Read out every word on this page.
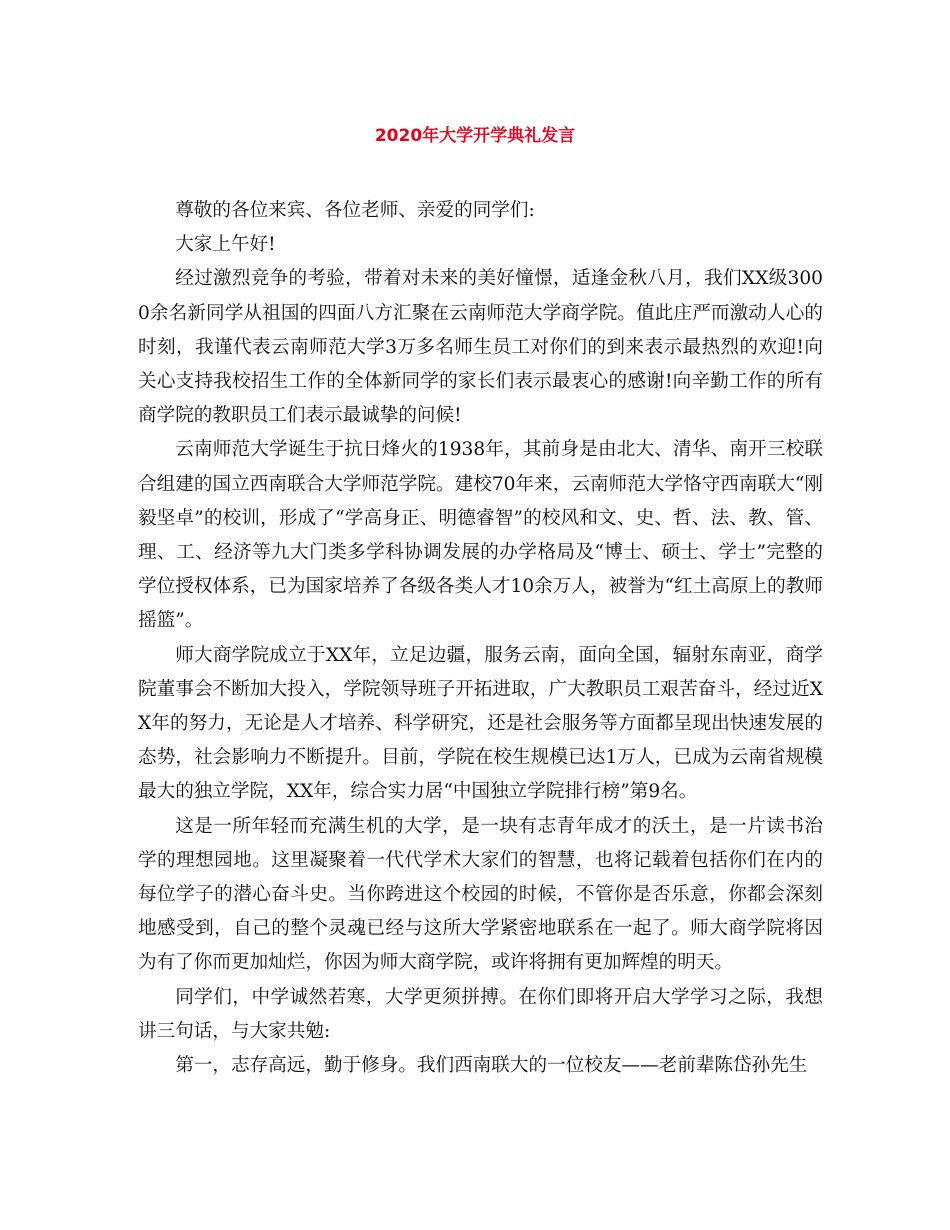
2020年大学开学典礼发言

尊敬的各位来宾、各位老师、亲爱的同学们:

大家上午好!

经过激烈竞争的考验，带着对未来的美好憧憬，适逢金秋八月，我们XX级3000余名新同学从祖国的四面八方汇聚在云南师范大学商学院。值此庄严而激动人心的时刻，我谨代表云南师范大学3万多名师生员工对你们的到来表示最热烈的欢迎!向关心支持我校招生工作的全体新同学的家长们表示最衷心的感谢!向辛勤工作的所有商学院的教职员工们表示最诚挚的问候!

云南师范大学诞生于抗日烽火的1938年，其前身是由北大、清华、南开三校联合组建的国立西南联合大学师范学院。建校70年来，云南师范大学恪守西南联大“刚毅坚卓”的校训，形成了“学高身正、明德睿智”的校风和文、史、哲、法、教、管、理、工、经济等九大门类多学科协调发展的办学格局及“博士、硕士、学士”完整的学位授权体系，已为国家培养了各级各类人才10余万人，被誉为“红土高原上的教师摇篮”。

师大商学院成立于XX年，立足边疆，服务云南，面向全国，辐射东南亚，商学院董事会不断加大投入，学院领导班子开拓进取，广大教职员工艰苦奋斗，经过近XX年的努力，无论是人才培养、科学研究，还是社会服务等方面都呈现出快速发展的态势，社会影响力不断提升。目前，学院在校生规模已达1万人，已成为云南省规模最大的独立学院，XX年，综合实力居“中国独立学院排行榜”第9名。

这是一所年轻而充满生机的大学，是一块有志青年成才的沃土，是一片读书治学的理想园地。这里凝聚着一代代学术大家们的智慧，也将记载着包括你们在内的每位学子的潜心奋斗史。当你跨进这个校园的时候，不管你是否乐意，你都会深刻地感受到，自己的整个灵魂已经与这所大学紧密地联系在一起了。师大商学院将因为有了你而更加灿烂，你因为师大商学院，或许将拥有更加辉煌的明天。

同学们，中学诚然若寒，大学更须拼搏。在你们即将开启大学学习之际，我想讲三句话，与大家共勉:

第一，志存高远，勤于修身。我们西南联大的一位校友——老前辈陈岱孙先生
